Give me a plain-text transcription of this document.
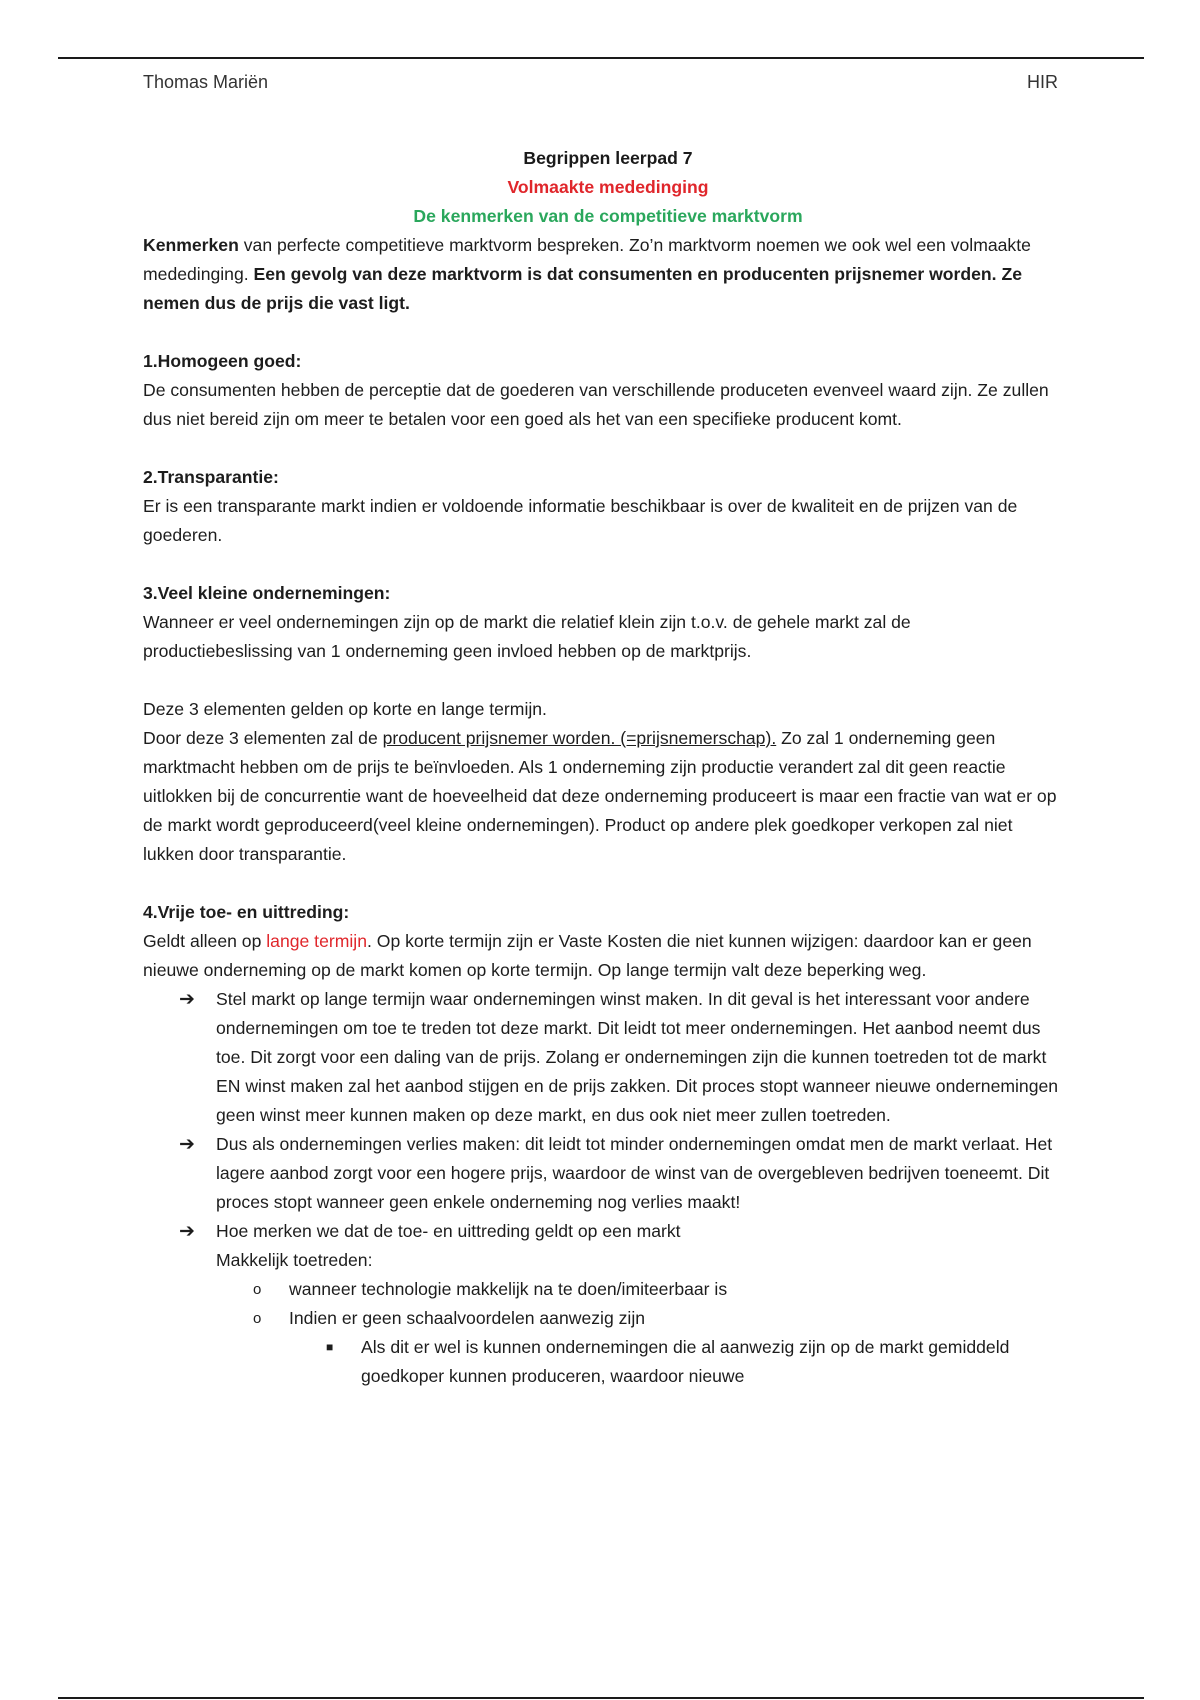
Thomas Mariën	HIR
Begrippen leerpad 7
Volmaakte mededinging
De kenmerken van de competitieve marktvorm

Kenmerken van perfecte competitieve marktvorm bespreken. Zo’n marktvorm noemen we ook wel een volmaakte mededinging. Een gevolg van deze marktvorm is dat consumenten en producenten prijsnemer worden. Ze nemen dus de prijs die vast ligt.

1.Homogeen goed:

De consumenten hebben de perceptie dat de goederen van verschillende produceten evenveel waard zijn. Ze zullen dus niet bereid zijn om meer te betalen voor een goed als het van een specifieke producent komt.

2.Transparantie:

Er is een transparante markt indien er voldoende informatie beschikbaar is over de kwaliteit en de prijzen van de goederen.

3.Veel kleine ondernemingen:

Wanneer er veel ondernemingen zijn op de markt die relatief klein zijn t.o.v. de gehele markt zal de productiebeslissing van 1 onderneming geen invloed hebben op de marktprijs.

Deze 3 elementen gelden op korte en lange termijn.

Door deze 3 elementen zal de producent prijsnemer worden. (=prijsnemerschap). Zo zal 1 onderneming geen marktmacht hebben om de prijs te beïnvloeden. Als 1 onderneming zijn productie verandert zal dit geen reactie uitlokken bij de concurrentie want de hoeveelheid dat deze onderneming produceert is maar een fractie van wat er op de markt wordt geproduceerd(veel kleine ondernemingen). Product op andere plek goedkoper verkopen zal niet lukken door transparantie.

4.Vrije toe- en uittreding:

Geldt alleen op lange termijn. Op korte termijn zijn er Vaste Kosten die niet kunnen wijzigen: daardoor kan er geen nieuwe onderneming op de markt komen op korte termijn. Op lange termijn valt deze beperking weg.

➔ Stel markt op lange termijn waar ondernemingen winst maken. In dit geval is het interessant voor andere ondernemingen om toe te treden tot deze markt. Dit leidt tot meer ondernemingen. Het aanbod neemt dus toe. Dit zorgt voor een daling van de prijs. Zolang er ondernemingen zijn die kunnen toetreden tot de markt EN winst maken zal het aanbod stijgen en de prijs zakken. Dit proces stopt wanneer nieuwe ondernemingen geen winst meer kunnen maken op deze markt, en dus ook niet meer zullen toetreden.
➔ Dus als ondernemingen verlies maken: dit leidt tot minder ondernemingen omdat men de markt verlaat. Het lagere aanbod zorgt voor een hogere prijs, waardoor de winst van de overgebleven bedrijven toeneemt. Dit proces stopt wanneer geen enkele onderneming nog verlies maakt!
➔ Hoe merken we dat de toe- en uittreding geldt op een markt

Makkelijk toetreden:

o wanneer technologie makkelijk na te doen/imiteerbaar is
o Indien er geen schaalvoordelen aanwezig zijn
■ Als dit er wel is kunnen ondernemingen die al aanwezig zijn op de markt gemiddeld goedkoper kunnen produceren, waardoor nieuwe
